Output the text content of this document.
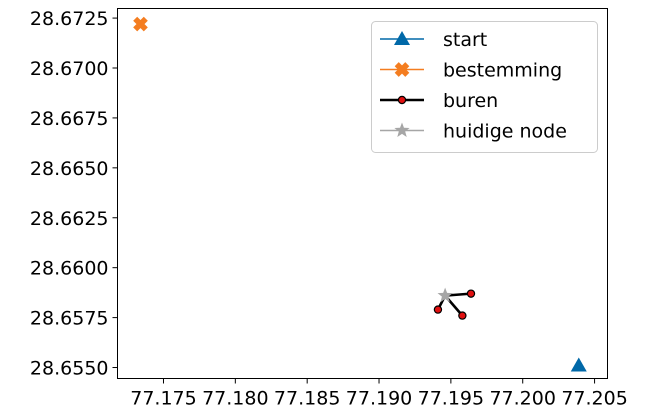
77.175 77.180 77.185 77.190 77.195 77.200 77.205
28.6550
28.6575
28.6600
28.6625
28.6650
28.6675
28.6700
28.6725
start
bestemming
buren
huidige node
